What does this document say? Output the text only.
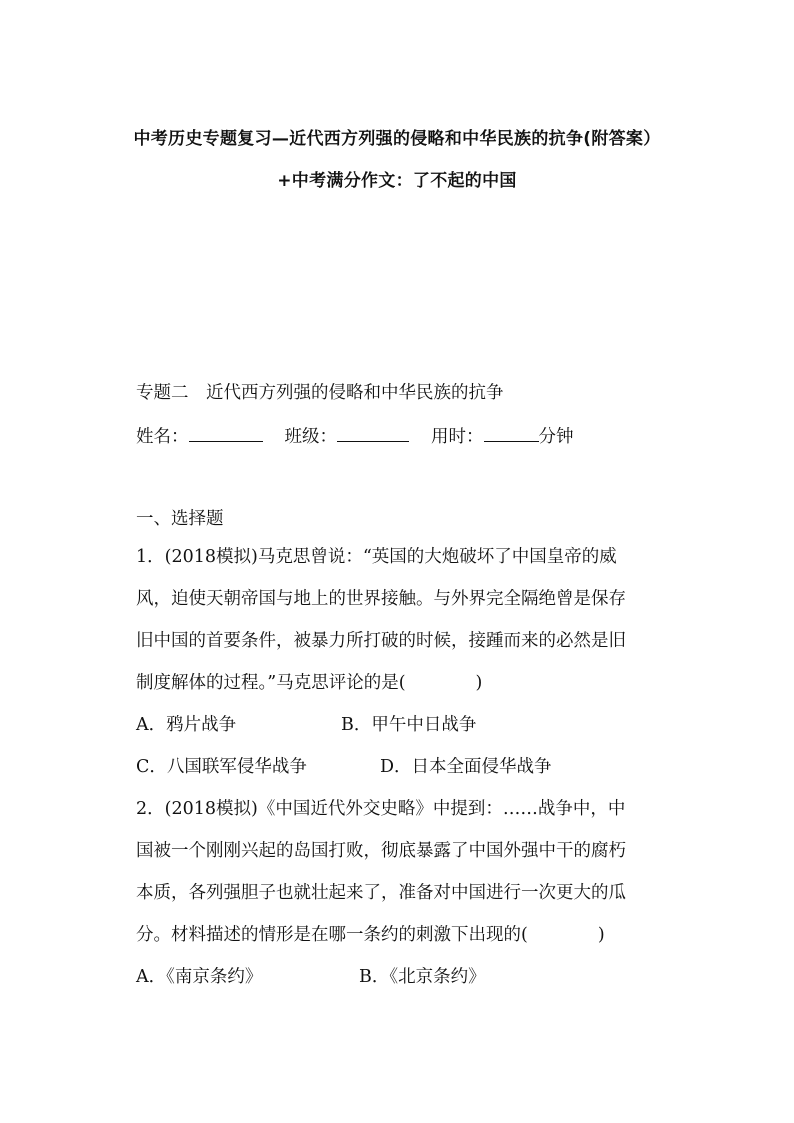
中考历史专题复习—近代西方列强的侵略和中华民族的抗争(附答案）
+中考满分作文：了不起的中国
专题二　近代西方列强的侵略和中华民族的抗争
姓名：	班级：	用时：	分钟
一、选择题
1．(2018模拟)马克思曾说：“英国的大炮破坏了中国皇帝的威
风，迫使天朝帝国与地上的世界接触。与外界完全隔绝曾是保存
旧中国的首要条件，被暴力所打破的时候，接踵而来的必然是旧
制度解体的过程。”马克思评论的是(　　　　)
A．鸦片战争	B．甲午中日战争
C．八国联军侵华战争	D．日本全面侵华战争
2．(2018模拟)《中国近代外交史略》中提到：……战争中，中
国被一个刚刚兴起的岛国打败，彻底暴露了中国外强中干的腐朽
本质，各列强胆子也就壮起来了，准备对中国进行一次更大的瓜
分。材料描述的情形是在哪一条约的刺激下出现的(　　　　)
A．《南京条约》	B．《北京条约》
